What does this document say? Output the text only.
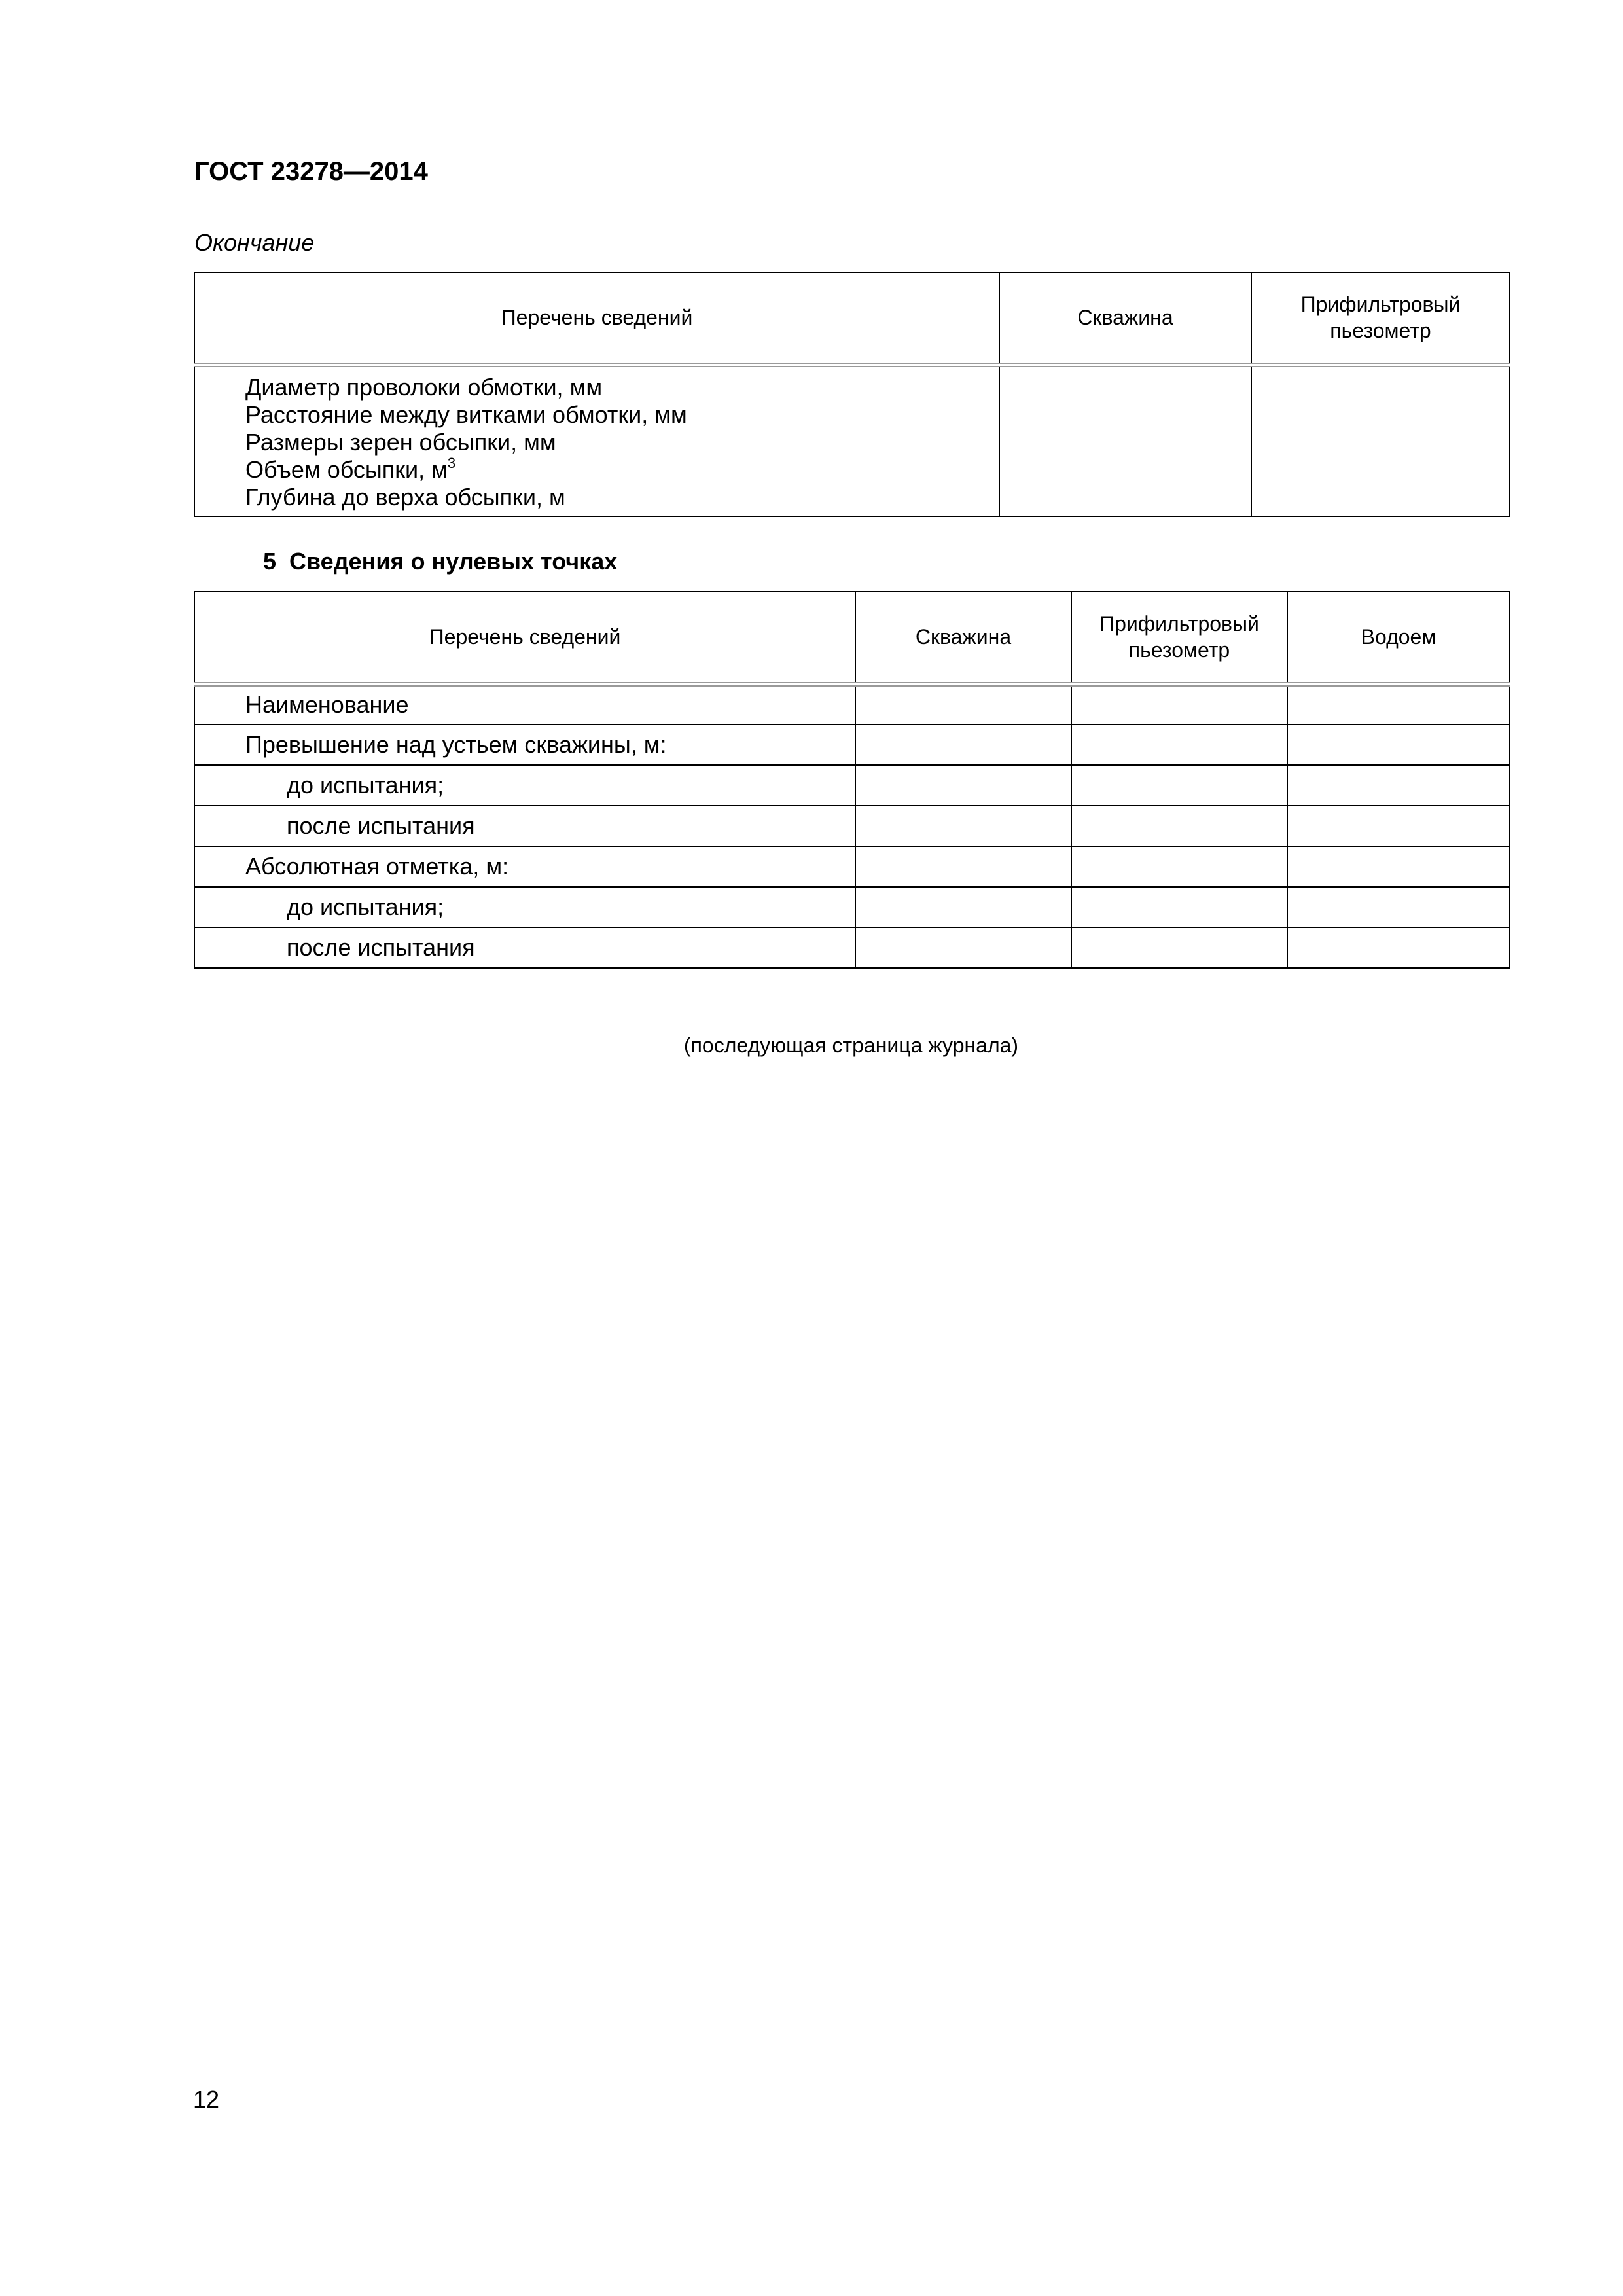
ГОСТ 23278—2014
Окончание
Перечень сведений	Скважина	Прифильтровый пьезометр

Диаметр проволоки обмотки, мм
Расстояние между витками обмотки, мм
Размеры зерен обсыпки, мм
Объем обсыпки, $м^3$
Глубина до верха обсыпки, м		

5 Сведения о нулевых точках
Перечень сведений	Скважина	Прифильтровый пьезометр	Водоем
Наименование			
Превышение над устьем скважины, м:			
до испытания;			
после испытания			
Абсолютная отметка, м:			
до испытания;			
после испытания			
(последующая страница журнала)
12
